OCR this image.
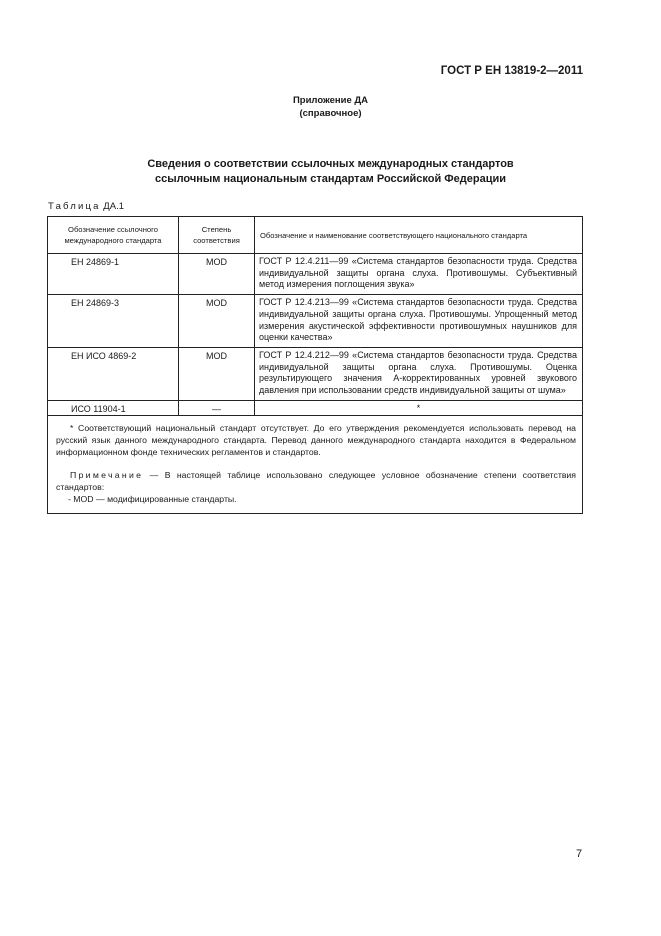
ГОСТ Р ЕН 13819-2—2011
Приложение ДА
(справочное)
Сведения о соответствии ссылочных международных стандартов
ссылочным национальным стандартам Российской Федерации
Таблица ДА.1
Обозначение ссылочного международного стандарта	Степень соответствия	Обозначение и наименование соответствующего национального стандарта
ЕН 24869-1	MOD	ГОСТ Р 12.4.211—99 «Система стандартов безопасности труда. Средства индивидуальной защиты органа слуха. Противошумы. Субъективный метод измерения поглощения звука»
ЕН 24869-3	MOD	ГОСТ Р 12.4.213—99 «Система стандартов безопасности труда. Средства индивидуальной защиты органа слуха. Противошумы. Упрощенный метод измерения акустической эффективности противошумных наушников для оценки качества»
ЕН ИСО 4869-2	MOD	ГОСТ Р 12.4.212—99 «Система стандартов безопасности труда. Средства индивидуальной защиты органа слуха. Противошумы. Оценка результирующего значения А-корректированных уровней звукового давления при использовании средств индивидуальной защиты от шума»
ИСО 11904-1	—	*

* Соответствующий национальный стандарт отсутствует. До его утверждения рекомендуется использовать перевод на русский язык данного международного стандарта. Перевод данного международного стандарта находится в Федеральном информационном фонде технических регламентов и стандартов.

Примечание — В настоящей таблице использовано следующее условное обозначение степени соответствия стандартов:

- MOD — модифицированные стандарты.		

7
